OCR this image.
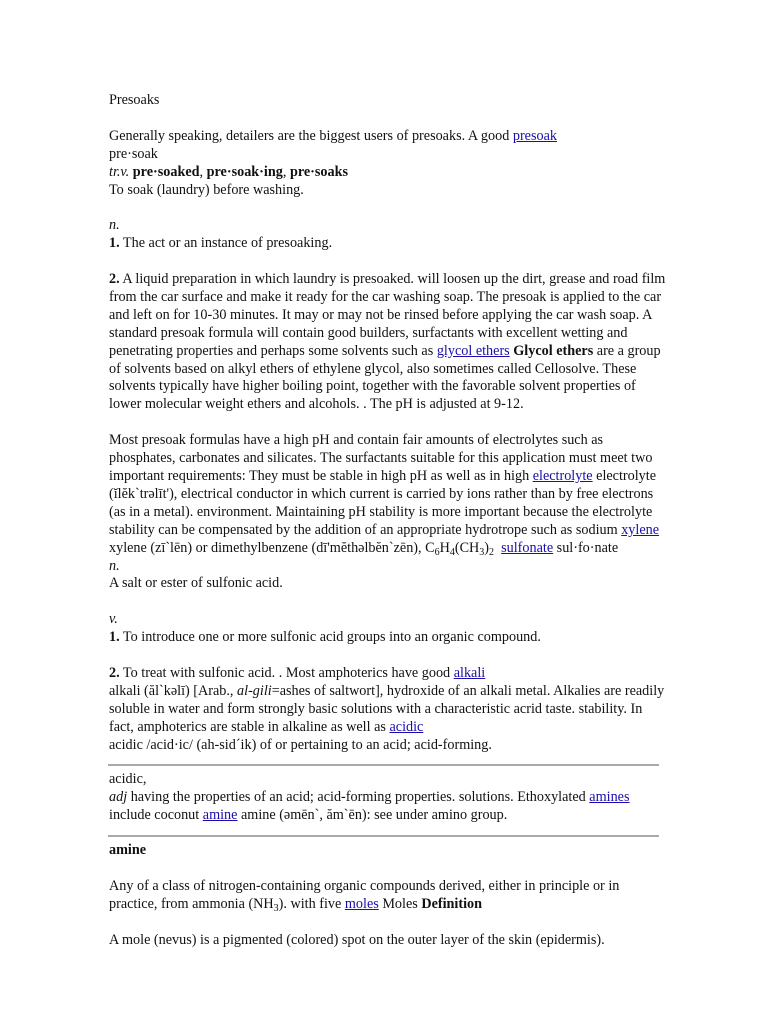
Presoaks

Generally speaking, detailers are the biggest users of presoaks. A good presoak
pre·soak
tr.v. pre·soaked, pre·soak·ing, pre·soaks
To soak (laundry) before washing.

n.

1. The act or an instance of presoaking.

2. A liquid preparation in which laundry is presoaked. will loosen up the dirt, grease and road film from the car surface and make it ready for the car washing soap. The presoak is applied to the car and left on for 10-30 minutes. It may or may not be rinsed before applying the car wash soap. A standard presoak formula will contain good builders, surfactants with excellent wetting and penetrating properties and perhaps some solvents such as glycol ethers Glycol ethers are a group of solvents based on alkyl ethers of ethylene glycol, also sometimes called Cellosolve. These solvents typically have higher boiling point, together with the favorable solvent properties of lower molecular weight ethers and alcohols. . The pH is adjusted at 9-12.

Most presoak formulas have a high pH and contain fair amounts of electrolytes such as phosphates, carbonates and silicates. The surfactants suitable for this application must meet two important requirements: They must be stable in high pH as well as in high electrolyte electrolyte (ĭlĕk`trəlīt'), electrical conductor in which current is carried by ions rather than by free electrons (as in a metal). environment. Maintaining pH stability is more important because the electrolyte stability can be compensated by the addition of an appropriate hydrotrope such as sodium xylene xylene (zī`lēn) or dimethylbenzene (dī'mĕthəlbĕn`zēn), $C_6H_4(CH_3)_2$ sulfonate sul·fo·nate
n.
A salt or ester of sulfonic acid.

v.

1. To introduce one or more sulfonic acid groups into an organic compound.

2. To treat with sulfonic acid. . Most amphoterics have good alkali
alkali (ăl`kəlī) [Arab., al-gili=ashes of saltwort], hydroxide of an alkali metal. Alkalies are readily soluble in water and form strongly basic solutions with a characteristic acrid taste. stability. In fact, amphoterics are stable in alkaline as well as acidic
acidic /acid·ic/ (ah-sid´ik) of or pertaining to an acid; acid-forming.

acidic,
adj having the properties of an acid; acid-forming properties. solutions. Ethoxylated amines include coconut amine amine (əmēn`, ăm`ēn): see under amino group.

amine

Any of a class of nitrogen-containing organic compounds derived, either in principle or in practice, from ammonia $(NH_3)$. with five moles Moles Definition

A mole (nevus) is a pigmented (colored) spot on the outer layer of the skin (epidermis).
